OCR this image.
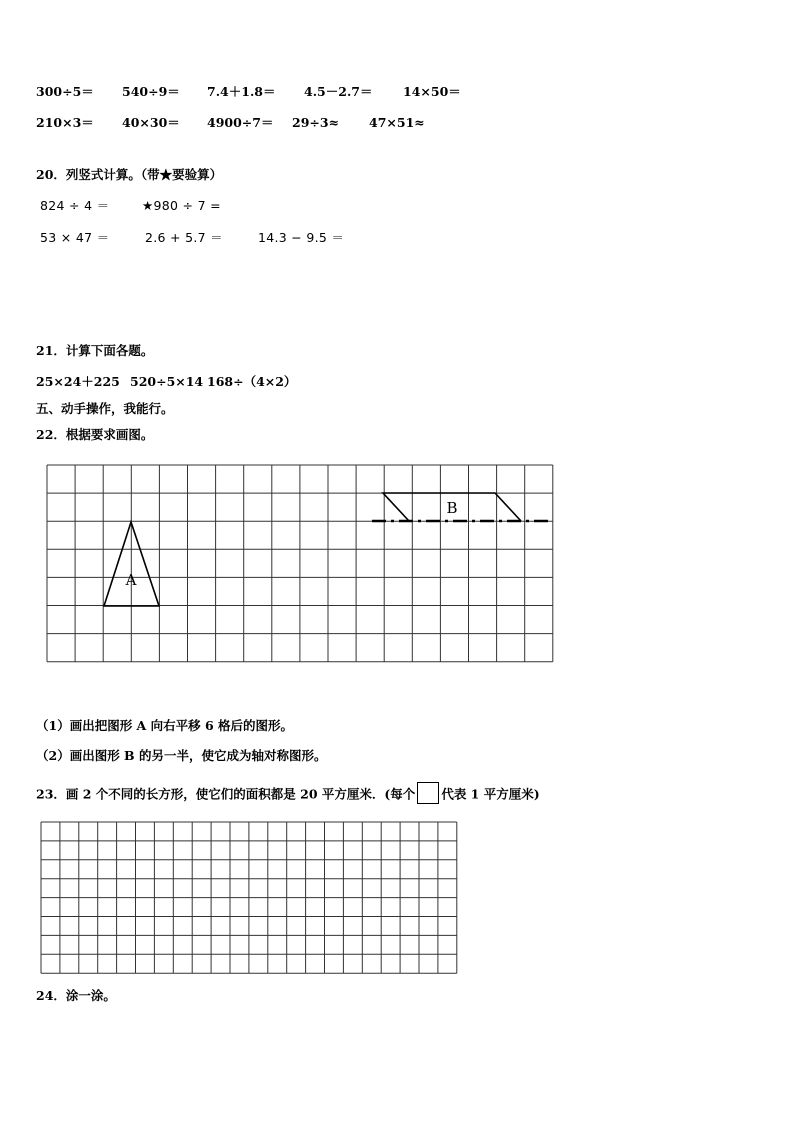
300÷5＝ 540÷9＝ 7.4＋1.8＝ 4.5－2.7＝ 14×50＝
210×3＝ 40×30＝ 4900÷7＝ 29÷3≈ 47×51≈
20．列竖式计算。（带★要验算）
824 ÷ 4 ＝	★980 ÷ 7 =
53 × 47 ＝	2.6 + 5.7 ＝	14.3 − 9.5 ＝
21．计算下面各题。
25×24＋225 520÷5×14 168÷（4×2）
五、动手操作，我能行。
22．根据要求画图。
A
B
（1）画出把图形 A 向右平移 6 格后的图形。
（2）画出图形 B 的另一半，使它成为轴对称图形。
23．画 2 个不同的长方形，使它们的面积都是 20 平方厘米．(每个 代表 1 平方厘米)
24．涂一涂。
